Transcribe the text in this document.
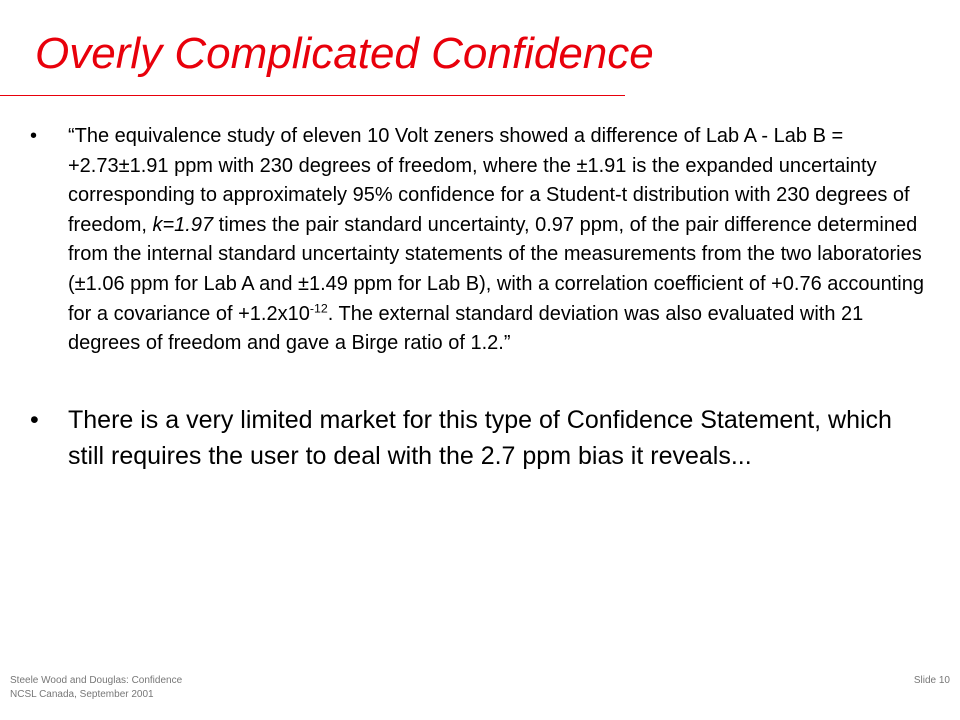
Overly Complicated Confidence
• “The equivalence study of eleven 10 Volt zeners showed a difference of Lab A - Lab B = +2.73±1.91 ppm with 230 degrees of freedom, where the ±1.91 is the expanded uncertainty corresponding to approximately 95% confidence for a Student-t distribution with 230 degrees of freedom, k=1.97 times the pair standard uncertainty, 0.97 ppm, of the pair difference determined from the internal standard uncertainty statements of the measurements from the two laboratories (±1.06 ppm for Lab A and ±1.49 ppm for Lab B), with a correlation coefficient of +0.76 accounting for a covariance of $+1.2x10^{-12}$. The external standard deviation was also evaluated with 21 degrees of freedom and gave a Birge ratio of 1.2.”
• There is a very limited market for this type of Confidence Statement, which still requires the user to deal with the 2.7 ppm bias it reveals...
Steele Wood and Douglas: Confidence
NCSL Canada, September 2001
Slide 10
